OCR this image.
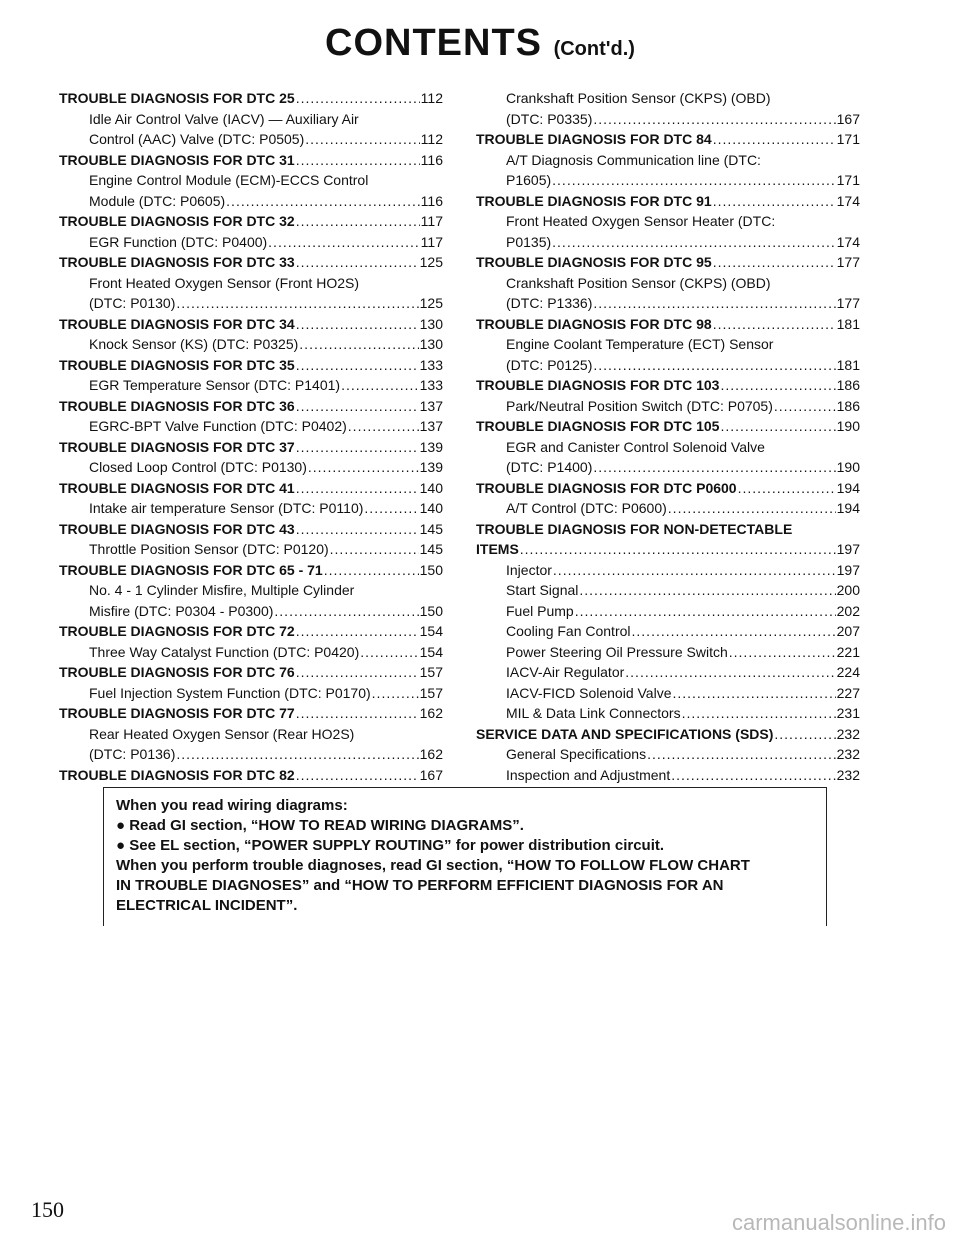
CONTENTS (Cont'd.)
TROUBLE DIAGNOSIS FOR DTC 25 .....	112
Idle Air Control Valve (IACV) — Auxiliary Air
Control (AAC) Valve (DTC: P0505) .....	112
TROUBLE DIAGNOSIS FOR DTC 31 .....	116
Engine Control Module (ECM)-ECCS Control
Module (DTC: P0605) .....	116
TROUBLE DIAGNOSIS FOR DTC 32 .....	117
EGR Function (DTC: P0400) .....	117
TROUBLE DIAGNOSIS FOR DTC 33 .....	125
Front Heated Oxygen Sensor (Front HO2S)
(DTC: P0130) .....	125
TROUBLE DIAGNOSIS FOR DTC 34 .....	130
Knock Sensor (KS) (DTC: P0325) .....	130
TROUBLE DIAGNOSIS FOR DTC 35 .....	133
EGR Temperature Sensor (DTC: P1401) .....	133
TROUBLE DIAGNOSIS FOR DTC 36 .....	137
EGRC-BPT Valve Function (DTC: P0402) .....	137
TROUBLE DIAGNOSIS FOR DTC 37 .....	139
Closed Loop Control (DTC: P0130) .....	139
TROUBLE DIAGNOSIS FOR DTC 41 .....	140
Intake air temperature Sensor (DTC: P0110) .....	140
TROUBLE DIAGNOSIS FOR DTC 43 .....	145
Throttle Position Sensor (DTC: P0120) .....	145
TROUBLE DIAGNOSIS FOR DTC 65 - 71 .....	150
No. 4 - 1 Cylinder Misfire, Multiple Cylinder
Misfire (DTC: P0304 - P0300) .....	150
TROUBLE DIAGNOSIS FOR DTC 72 .....	154
Three Way Catalyst Function (DTC: P0420) .....	154
TROUBLE DIAGNOSIS FOR DTC 76 .....	157
Fuel Injection System Function (DTC: P0170) .....	157
TROUBLE DIAGNOSIS FOR DTC 77 .....	162
Rear Heated Oxygen Sensor (Rear HO2S)
(DTC: P0136) .....	162
TROUBLE DIAGNOSIS FOR DTC 82 .....	167
Crankshaft Position Sensor (CKPS) (OBD)
(DTC: P0335) .....	167
TROUBLE DIAGNOSIS FOR DTC 84 .....	171
A/T Diagnosis Communication line (DTC:
P1605) .....	171
TROUBLE DIAGNOSIS FOR DTC 91 .....	174
Front Heated Oxygen Sensor Heater (DTC:
P0135) .....	174
TROUBLE DIAGNOSIS FOR DTC 95 .....	177
Crankshaft Position Sensor (CKPS) (OBD)
(DTC: P1336) .....	177
TROUBLE DIAGNOSIS FOR DTC 98 .....	181
Engine Coolant Temperature (ECT) Sensor
(DTC: P0125) .....	181
TROUBLE DIAGNOSIS FOR DTC 103 .....	186
Park/Neutral Position Switch (DTC: P0705) .....	186
TROUBLE DIAGNOSIS FOR DTC 105 .....	190
EGR and Canister Control Solenoid Valve
(DTC: P1400) .....	190
TROUBLE DIAGNOSIS FOR DTC P0600 .....	194
A/T Control (DTC: P0600) .....	194
TROUBLE DIAGNOSIS FOR NON-DETECTABLE
ITEMS .....	197
Injector .....	197
Start Signal .....	200
Fuel Pump .....	202
Cooling Fan Control .....	207
Power Steering Oil Pressure Switch .....	221
IACV-Air Regulator .....	224
IACV-FICD Solenoid Valve .....	227
MIL & Data Link Connectors .....	231
SERVICE DATA AND SPECIFICATIONS (SDS) .....	232
General Specifications .....	232
Inspection and Adjustment .....	232
When you read wiring diagrams:
● Read GI section, “HOW TO READ WIRING DIAGRAMS”.
● See EL section, “POWER SUPPLY ROUTING” for power distribution circuit.
When you perform trouble diagnoses, read GI section, “HOW TO FOLLOW FLOW CHART
IN TROUBLE DIAGNOSES” and “HOW TO PERFORM EFFICIENT DIAGNOSIS FOR AN
ELECTRICAL INCIDENT”.
150
carmanualsonline.info
